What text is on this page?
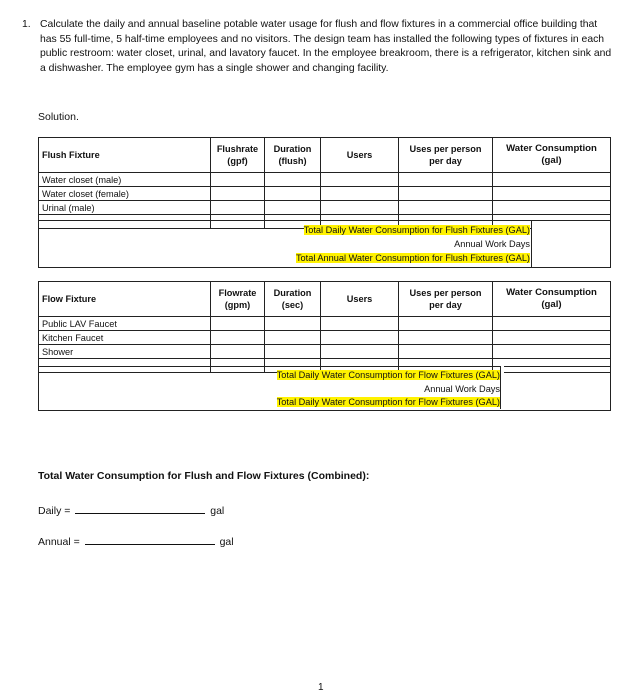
1. Calculate the daily and annual baseline potable water usage for flush and flow fixtures in a commercial office building that has 55 full-time, 5 half-time employees and no visitors. The design team has installed the following types of fixtures in each public restroom: water closet, urinal, and lavatory faucet. In the employee breakroom, there is a refrigerator, kitchen sink and a dishwasher. The employee gym has a single shower and changing facility.
Solution.
Flush Fixture	Flushrate (gpf)	Duration (flush)	Users	Uses per person per day	Water Consumption (gal)
Water closet (male)					
Water closet (female)					
Urinal (male)					

Total Daily Water Consumption for Flush Fixtures (GAL)
Annual Work Days
Total Annual Water Consumption for Flush Fixtures (GAL)
Flow Fixture	Flowrate (gpm)	Duration (sec)	Users	Uses per person per day	Water Consumption (gal)
Public LAV Faucet					
Kitchen Faucet					
Shower					

Total Daily Water Consumption for Flow Fixtures (GAL)
Annual Work Days
Total Daily Water Consumption for Flow Fixtures (GAL)
Total Water Consumption for Flush and Flow Fixtures (Combined):
Daily =	gal
Annual =	gal
1
